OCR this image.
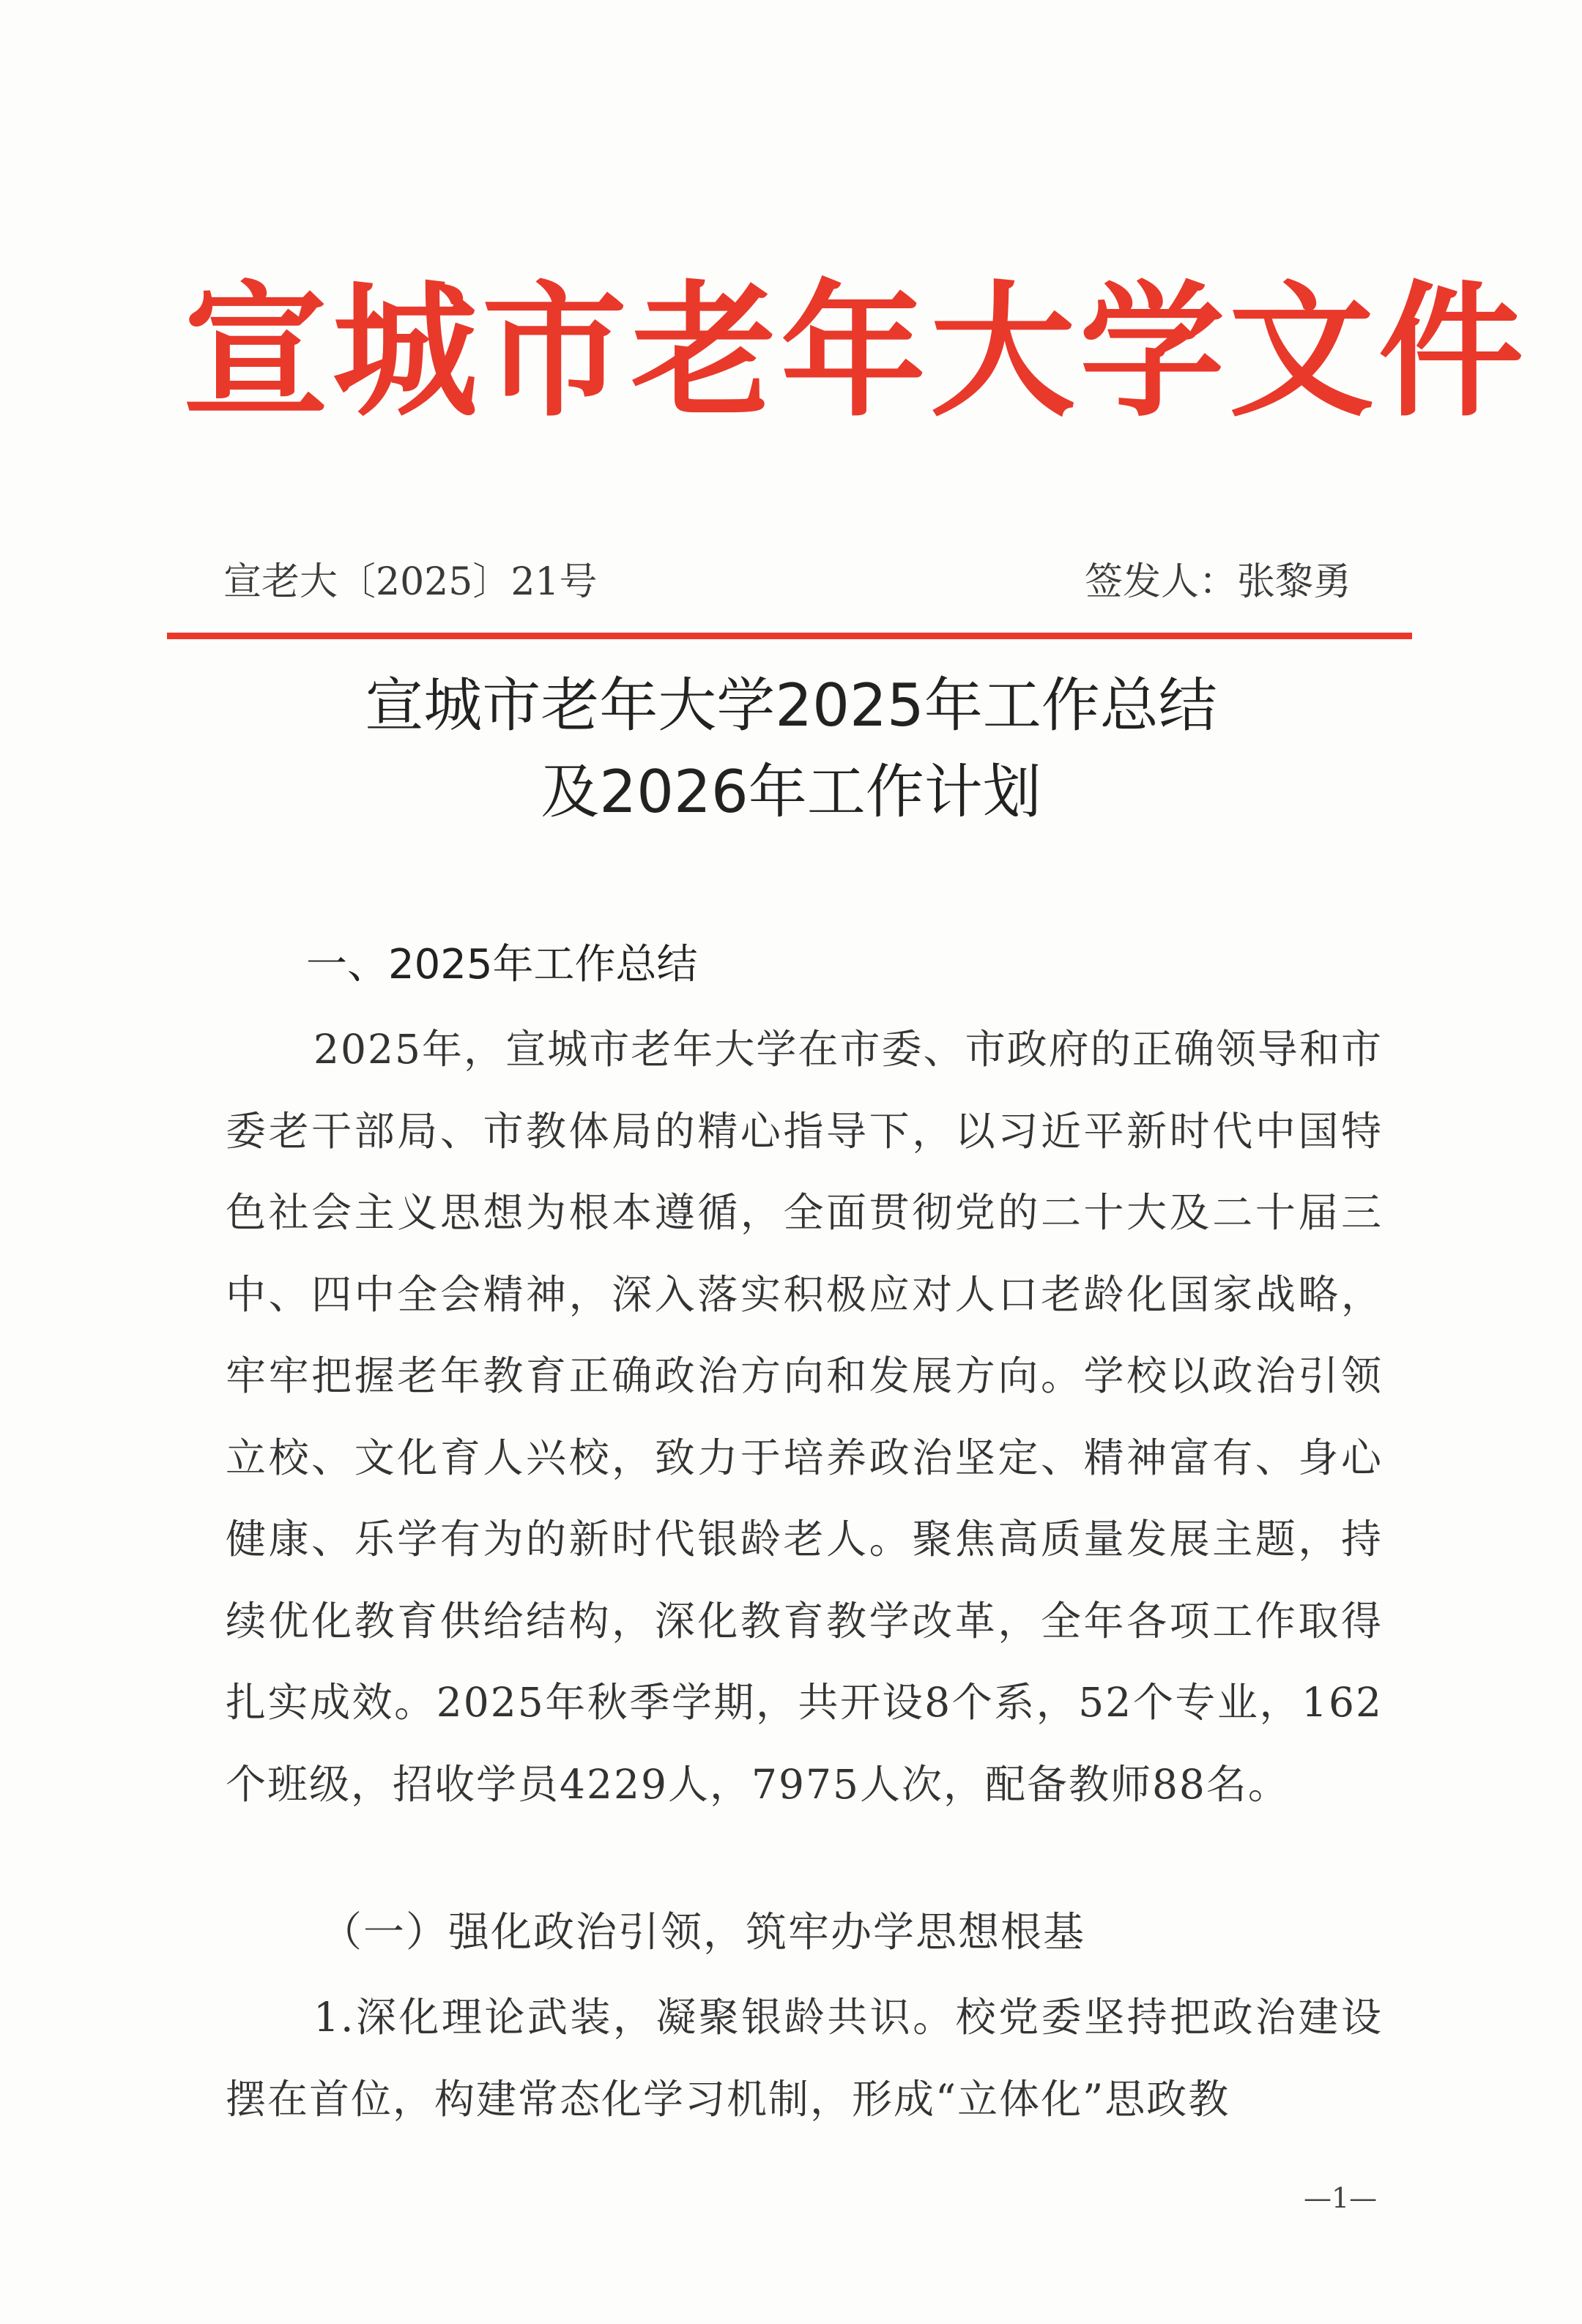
宣城市老年大学文件
宣老大〔2025〕21号	签发人：张黎勇
宣城市老年大学2025年工作总结
及2026年工作计划
一、2025年工作总结
2025年，宣城市老年大学在市委、市政府的正确领导和市委老干部局、市教体局的精心指导下，以习近平新时代中国特色社会主义思想为根本遵循，全面贯彻党的二十大及二十届三中、四中全会精神，深入落实积极应对人口老龄化国家战略，牢牢把握老年教育正确政治方向和发展方向。学校以政治引领立校、文化育人兴校，致力于培养政治坚定、精神富有、身心健康、乐学有为的新时代银龄老人。聚焦高质量发展主题，持续优化教育供给结构，深化教育教学改革，全年各项工作取得扎实成效。2025年秋季学期，共开设8个系，52个专业，162个班级，招收学员4229人，7975人次，配备教师88名。
（一）强化政治引领，筑牢办学思想根基
1.深化理论武装，凝聚银龄共识。校党委坚持把政治建设摆在首位，构建常态化学习机制，形成“立体化”思政教
—1—
